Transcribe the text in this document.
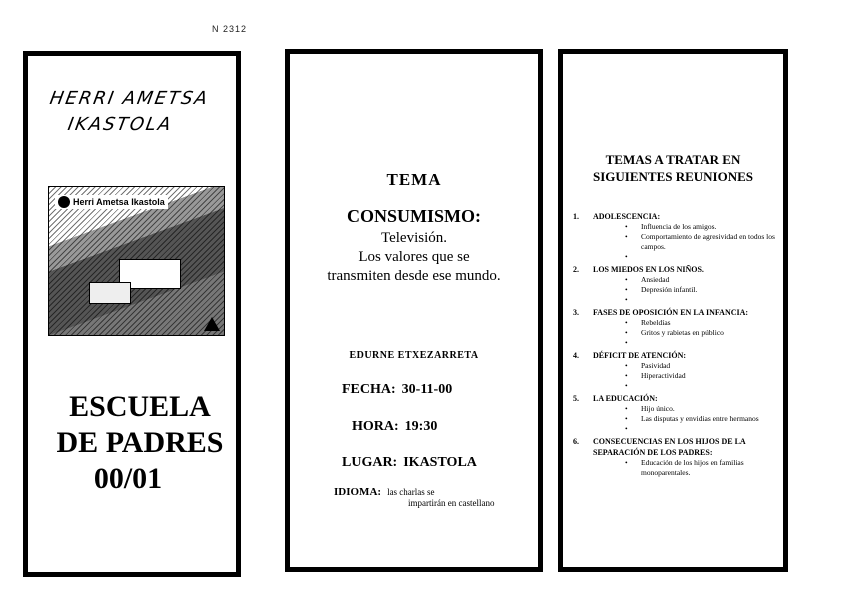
N 2312
HERRI AMETSA
IKASTOLA
Herri Ametsa Ikastola
ESCUELA
DE PADRES
00/01
TEMA
CONSUMISMO:
Televisión.
Los valores que se
transmiten desde ese mundo.
EDURNE ETXEZARRETA
FECHA: 30-11-00
HORA: 19:30
LUGAR: IKASTOLA
IDIOMA: las charlas se
impartirán en castellano
TEMAS A TRATAR EN
SIGUIENTES REUNIONES
1.	ADOLESCENCIA:
•
Influencia de los amigos.
•
Comportamiento de agresividad en todos los campos.
•
2.	LOS MIEDOS EN LOS NIÑOS.
•
Ansiedad
•
Depresión infantil.
•
3.	FASES DE OPOSICIÓN EN LA INFANCIA:
•
Rebeldías
•
Gritos y rabietas en público
•
4.	DÉFICIT DE ATENCIÓN:
•
Pasividad
•
Hiperactividad
•
5.	LA EDUCACIÓN:
•
Hijo único.
•
Las disputas y envidias entre hermanos
•
6.	CONSECUENCIAS EN LOS HIJOS DE LA SEPARACIÓN DE LOS PADRES:
•
Educación de los hijos en familias monoparentales.
